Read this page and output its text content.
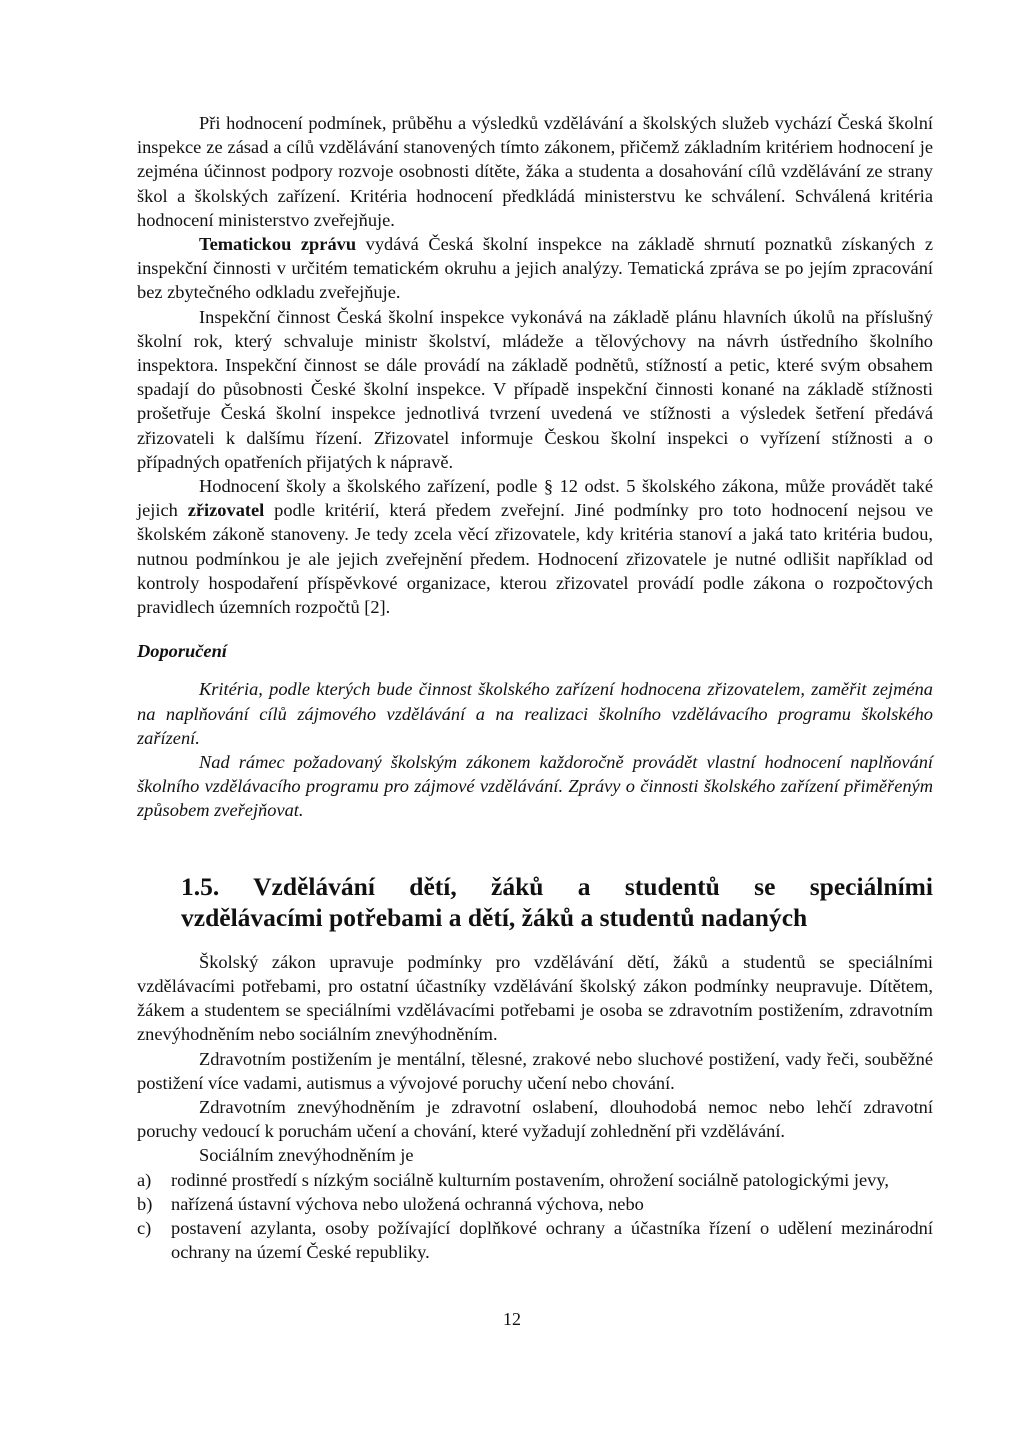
Při hodnocení podmínek, průběhu a výsledků vzdělávání a školských služeb vychází Česká školní inspekce ze zásad a cílů vzdělávání stanovených tímto zákonem, přičemž základním kritériem hodnocení je zejména účinnost podpory rozvoje osobnosti dítěte, žáka a studenta a dosahování cílů vzdělávání ze strany škol a školských zařízení. Kritéria hodnocení předkládá ministerstvu ke schválení. Schválená kritéria hodnocení ministerstvo zveřejňuje.

Tematickou zprávu vydává Česká školní inspekce na základě shrnutí poznatků získaných z inspekční činnosti v určitém tematickém okruhu a jejich analýzy. Tematická zpráva se po jejím zpracování bez zbytečného odkladu zveřejňuje.

Inspekční činnost Česká školní inspekce vykonává na základě plánu hlavních úkolů na příslušný školní rok, který schvaluje ministr školství, mládeže a tělovýchovy na návrh ústředního školního inspektora. Inspekční činnost se dále provádí na základě podnětů, stížností a petic, které svým obsahem spadají do působnosti České školní inspekce. V případě inspekční činnosti konané na základě stížnosti prošetřuje Česká školní inspekce jednotlivá tvrzení uvedená ve stížnosti a výsledek šetření předává zřizovateli k dalšímu řízení. Zřizovatel informuje Českou školní inspekci o vyřízení stížnosti a o případných opatřeních přijatých k nápravě.

Hodnocení školy a školského zařízení, podle § 12 odst. 5 školského zákona, může provádět také jejich zřizovatel podle kritérií, která předem zveřejní. Jiné podmínky pro toto hodnocení nejsou ve školském zákoně stanoveny. Je tedy zcela věcí zřizovatele, kdy kritéria stanoví a jaká tato kritéria budou, nutnou podmínkou je ale jejich zveřejnění předem. Hodnocení zřizovatele je nutné odlišit například od kontroly hospodaření příspěvkové organizace, kterou zřizovatel provádí podle zákona o rozpočtových pravidlech územních rozpočtů [2].

Doporučení

Kritéria, podle kterých bude činnost školského zařízení hodnocena zřizovatelem, zaměřit zejména na naplňování cílů zájmového vzdělávání a na realizaci školního vzdělávacího programu školského zařízení.

Nad rámec požadovaný školským zákonem každoročně provádět vlastní hodnocení naplňování školního vzdělávacího programu pro zájmové vzdělávání. Zprávy o činnosti školského zařízení přiměřeným způsobem zveřejňovat.

1.5. Vzdělávání dětí, žáků a studentů se speciálními
vzdělávacími potřebami a dětí, žáků a studentů nadaných

Školský zákon upravuje podmínky pro vzdělávání dětí, žáků a studentů se speciálními vzdělávacími potřebami, pro ostatní účastníky vzdělávání školský zákon podmínky neupravuje. Dítětem, žákem a studentem se speciálními vzdělávacími potřebami je osoba se zdravotním postižením, zdravotním znevýhodněním nebo sociálním znevýhodněním.

Zdravotním postižením je mentální, tělesné, zrakové nebo sluchové postižení, vady řeči, souběžné postižení více vadami, autismus a vývojové poruchy učení nebo chování.

Zdravotním znevýhodněním je zdravotní oslabení, dlouhodobá nemoc nebo lehčí zdravotní poruchy vedoucí k poruchám učení a chování, které vyžadují zohlednění při vzdělávání.

Sociálním znevýhodněním je

a)	rodinné prostředí s nízkým sociálně kulturním postavením, ohrožení sociálně patologickými jevy,
b)	nařízená ústavní výchova nebo uložená ochranná výchova, nebo
c)	postavení azylanta, osoby požívající doplňkové ochrany a účastníka řízení o udělení mezinárodní ochrany na území České republiky.
12
